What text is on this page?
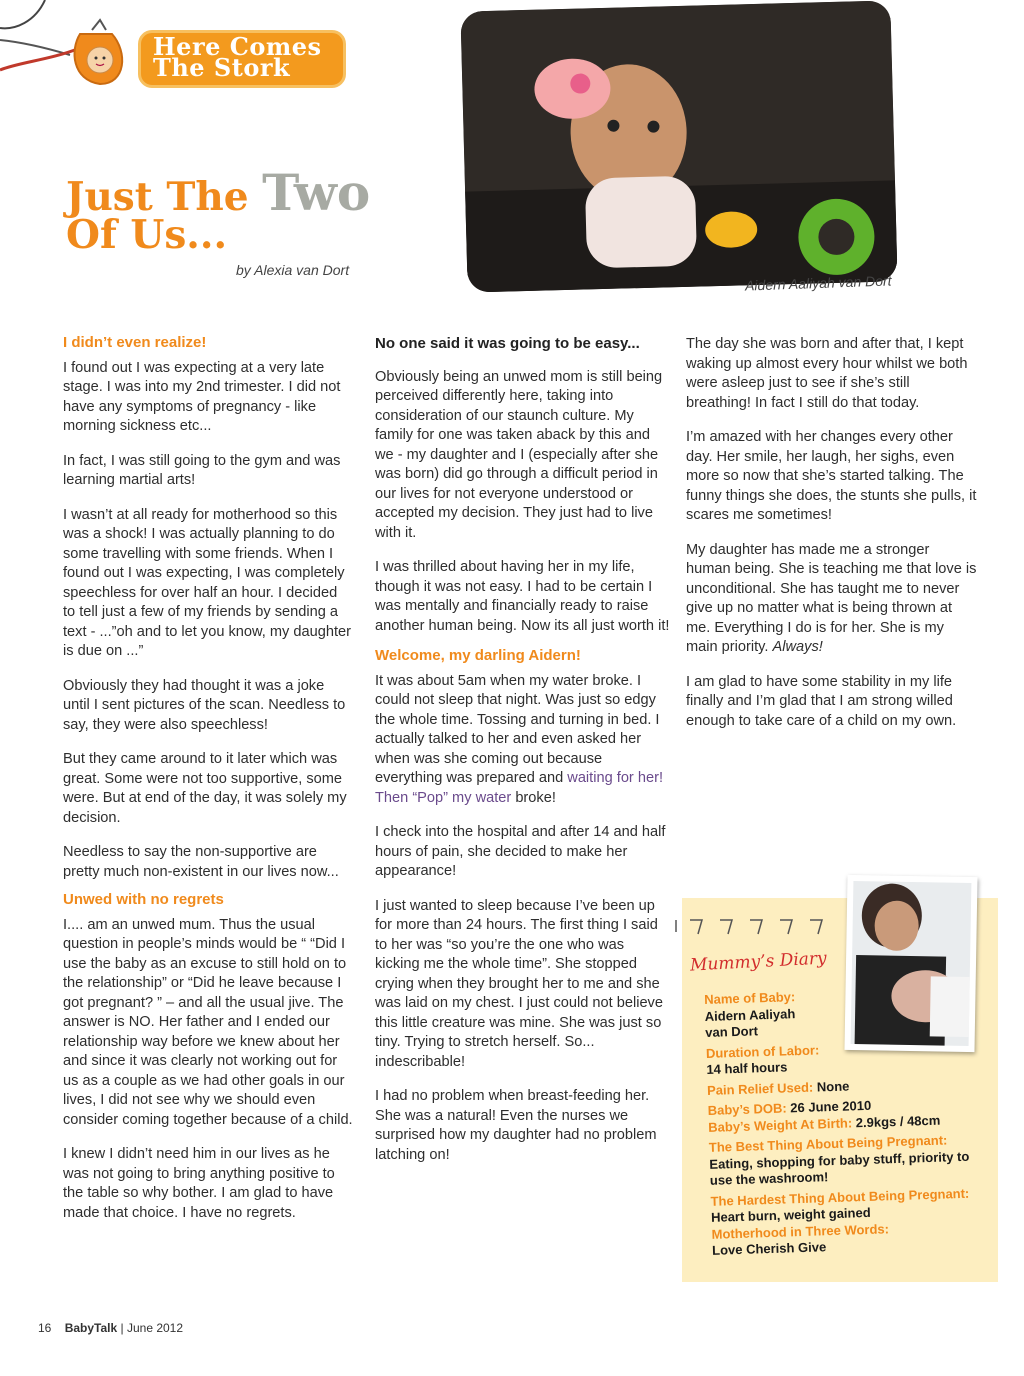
Here Comes
The Stork
Just The Two
Of Us...
by Alexia van Dort
Aidern Aaliyah van Dort
I didn’t even realize!

I found out I was expecting at a very late stage. I was into my 2nd trimester. I did not have any symptoms of pregnancy - like morning sickness etc...

In fact, I was still going to the gym and was learning martial arts!

I wasn’t at all ready for motherhood so this was a shock! I was actually planning to do some travelling with some friends. When I found out I was expecting, I was completely speechless for over half an hour. I decided to tell just a few of my friends by sending a text - ...”oh and to let you know, my daughter is due on ...”

Obviously they had thought it was a joke until I sent pictures of the scan. Needless to say, they were also speechless!

But they came around to it later which was great. Some were not too supportive, some were. But at end of the day, it was solely my decision.

Needless to say the non-supportive are pretty much non-existent in our lives now...

Unwed with no regrets

I.... am an unwed mum. Thus the usual question in people’s minds would be “ “Did I use the baby as an excuse to still hold on to the relationship” or “Did he leave because I got pregnant? ” – and all the usual jive. The answer is NO. Her father and I ended our relationship way before we knew about her and since it was clearly not working out for us as a couple as we had other goals in our lives, I did not see why we should even consider coming together because of a child.

I knew I didn’t need him in our lives as he was not going to bring anything positive to the table so why bother. I am glad to have made that choice. I have no regrets.

No one said it was going to be easy...

Obviously being an unwed mom is still being perceived differently here, taking into consideration of our staunch culture. My family for one was taken aback by this and we - my daughter and I (especially after she was born) did go through a difficult period in our lives for not everyone understood or accepted my decision. They just had to live with it.

I was thrilled about having her in my life, though it was not easy. I had to be certain I was mentally and financially ready to raise another human being. Now its all just worth it!

Welcome, my darling Aidern!

It was about 5am when my water broke. I could not sleep that night. Was just so edgy the whole time. Tossing and turning in bed. I actually talked to her and even asked her when was she coming out because everything was prepared and waiting for her! Then “Pop” my water broke!

I check into the hospital and after 14 and half hours of pain, she decided to make her appearance!

I just wanted to sleep because I’ve been up for more than 24 hours. The first thing I said to her was “so you’re the one who was kicking me the whole time”. She stopped crying when they brought her to me and she was laid on my chest. I just could not believe this little creature was mine. She was just so tiny. Trying to stretch herself. So... indescribable!

I had no problem when breast-feeding her. She was a natural! Even the nurses we surprised how my daughter had no problem latching on!

The day she was born and after that, I kept waking up almost every hour whilst we both were asleep just to see if she’s still breathing! In fact I still do that today.

I’m amazed with her changes every other day. Her smile, her laugh, her sighs, even more so now that she’s started talking. The funny things she does, the stunts she pulls, it scares me sometimes!

My daughter has made me a stronger human being. She is teaching me that love is unconditional. She has taught me to never give up no matter what is being thrown at me. Everything I do is for her. She is my main priority. Always!

I am glad to have some stability in my life finally and I’m glad that I am strong willed enough to take care of a child on my own.

Mummy’s Diary
Name of Baby:
Aidern Aaliyah van Dort
Duration of Labor:
14 half hours
Pain Relief Used: None
Baby’s DOB: 26 June 2010
Baby’s Weight At Birth: 2.9kgs / 48cm
The Best Thing About Being Pregnant:
Eating, shopping for baby stuff, priority to use the washroom!
The Hardest Thing About Being Pregnant: Heart burn, weight gained
Motherhood in Three Words:
Love Cherish Give
16 BabyTalk | June 2012
